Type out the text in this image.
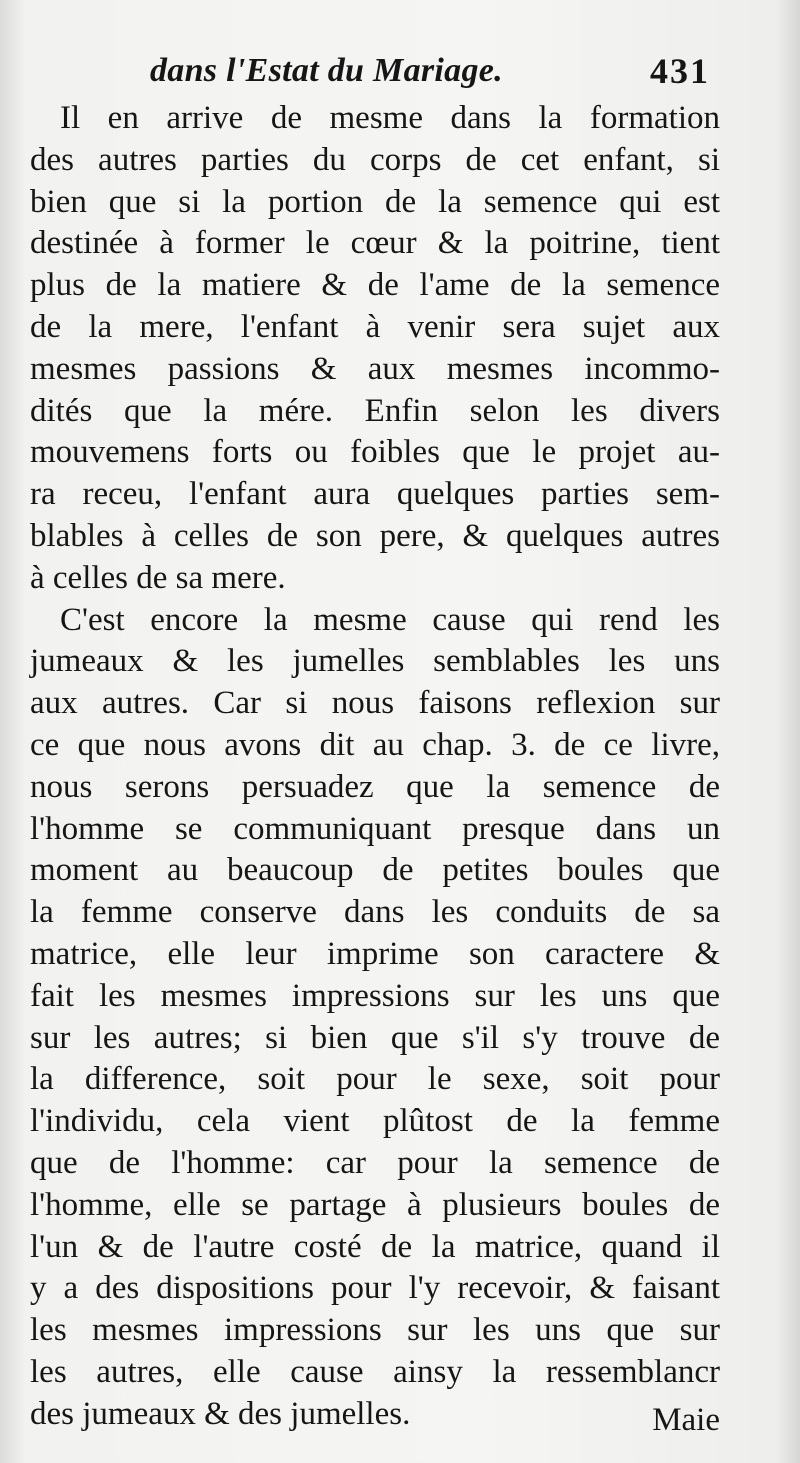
dans l'Estat du Mariage.	431
Il en arrive de mesme dans la formation
des autres parties du corps de cet enfant, si
bien que si la portion de la semence qui est
destinée à former le cœur & la poitrine, tient
plus de la matiere & de l'ame de la semence
de la mere, l'enfant à venir sera sujet aux
mesmes passions & aux mesmes incommo-
dités que la mére. Enfin selon les divers
mouvemens forts ou foibles que le projet au-
ra receu, l'enfant aura quelques parties sem-
blables à celles de son pere, & quelques autres
à celles de sa mere.
C'est encore la mesme cause qui rend les
jumeaux & les jumelles semblables les uns
aux autres. Car si nous faisons reflexion sur
ce que nous avons dit au chap. 3. de ce livre,
nous serons persuadez que la semence de
l'homme se communiquant presque dans un
moment au beaucoup de petites boules que
la femme conserve dans les conduits de sa
matrice, elle leur imprime son caractere &
fait les mesmes impressions sur les uns que
sur les autres; si bien que s'il s'y trouve de
la difference, soit pour le sexe, soit pour
l'individu, cela vient plûtost de la femme
que de l'homme: car pour la semence de
l'homme, elle se partage à plusieurs boules de
l'un & de l'autre costé de la matrice, quand il
y a des dispositions pour l'y recevoir, & faisant
les mesmes impressions sur les uns que sur
les autres, elle cause ainsy la ressemblancr
des jumeaux & des jumelles.	Maie
